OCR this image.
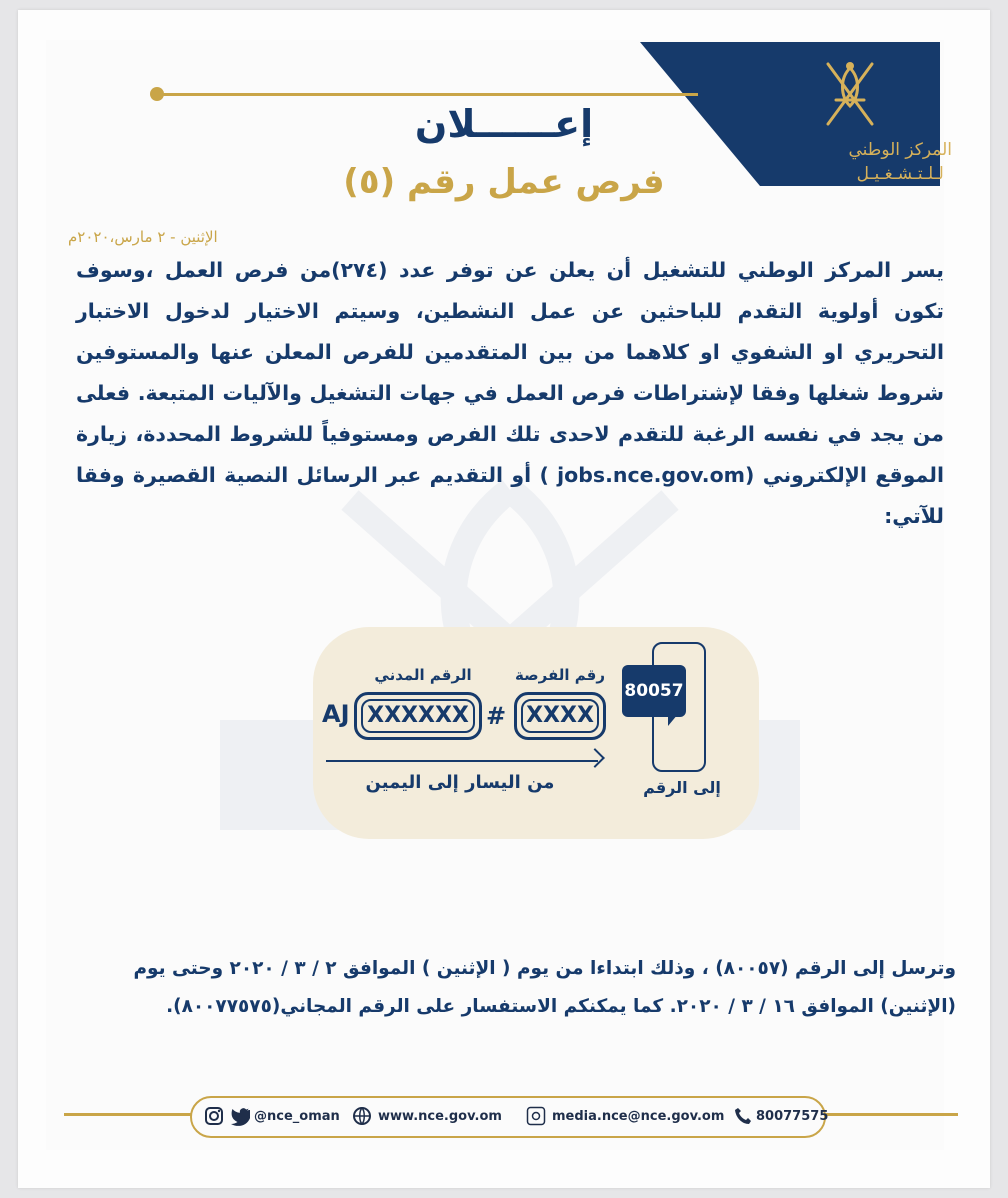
المركز الوطني
لـلـتـشـغـيـل
إعــــــلان
فرص عمل رقم (٥)
الإثنين - ٢ مارس،٢٠٢٠م
يسر المركز الوطني للتشغيل أن يعلن عن توفر عدد (٢٧٤)من فرص العمل ،وسوف تكون أولوية التقدم للباحثين عن عمل النشطين، وسيتم الاختيار لدخول الاختبار التحريري او الشفوي او كلاهما من بين المتقدمين للفرص المعلن عنها والمستوفين شروط شغلها وفقا لإشتراطات فرص العمل في جهات التشغيل والآليات المتبعة. فعلى من يجد في نفسه الرغبة للتقدم لاحدى تلك الفرص ومستوفياً للشروط المحددة، زيارة الموقع الإلكتروني (jobs.nce.gov.om ) أو التقديم عبر الرسائل النصية القصيرة وفقا للآتي:
80057
إلى الرقم
رقم الفرصة
XXXX
#
الرقم المدني
XXXXXX
AJ
من اليسار إلى اليمين
وترسل إلى الرقم (٨٠٠٥٧) ، وذلك ابتداءا من يوم ( الإثنين ) الموافق ٢ / ٣ / ٢٠٢٠ وحتى يوم
(الإثنين) الموافق ١٦ / ٣ / ٢٠٢٠. كما يمكنكم الاستفسار على الرقم المجاني(٨٠٠٧٧٥٧٥).
@nce_oman	www.nce.gov.om	media.nce@nce.gov.om 80077575
